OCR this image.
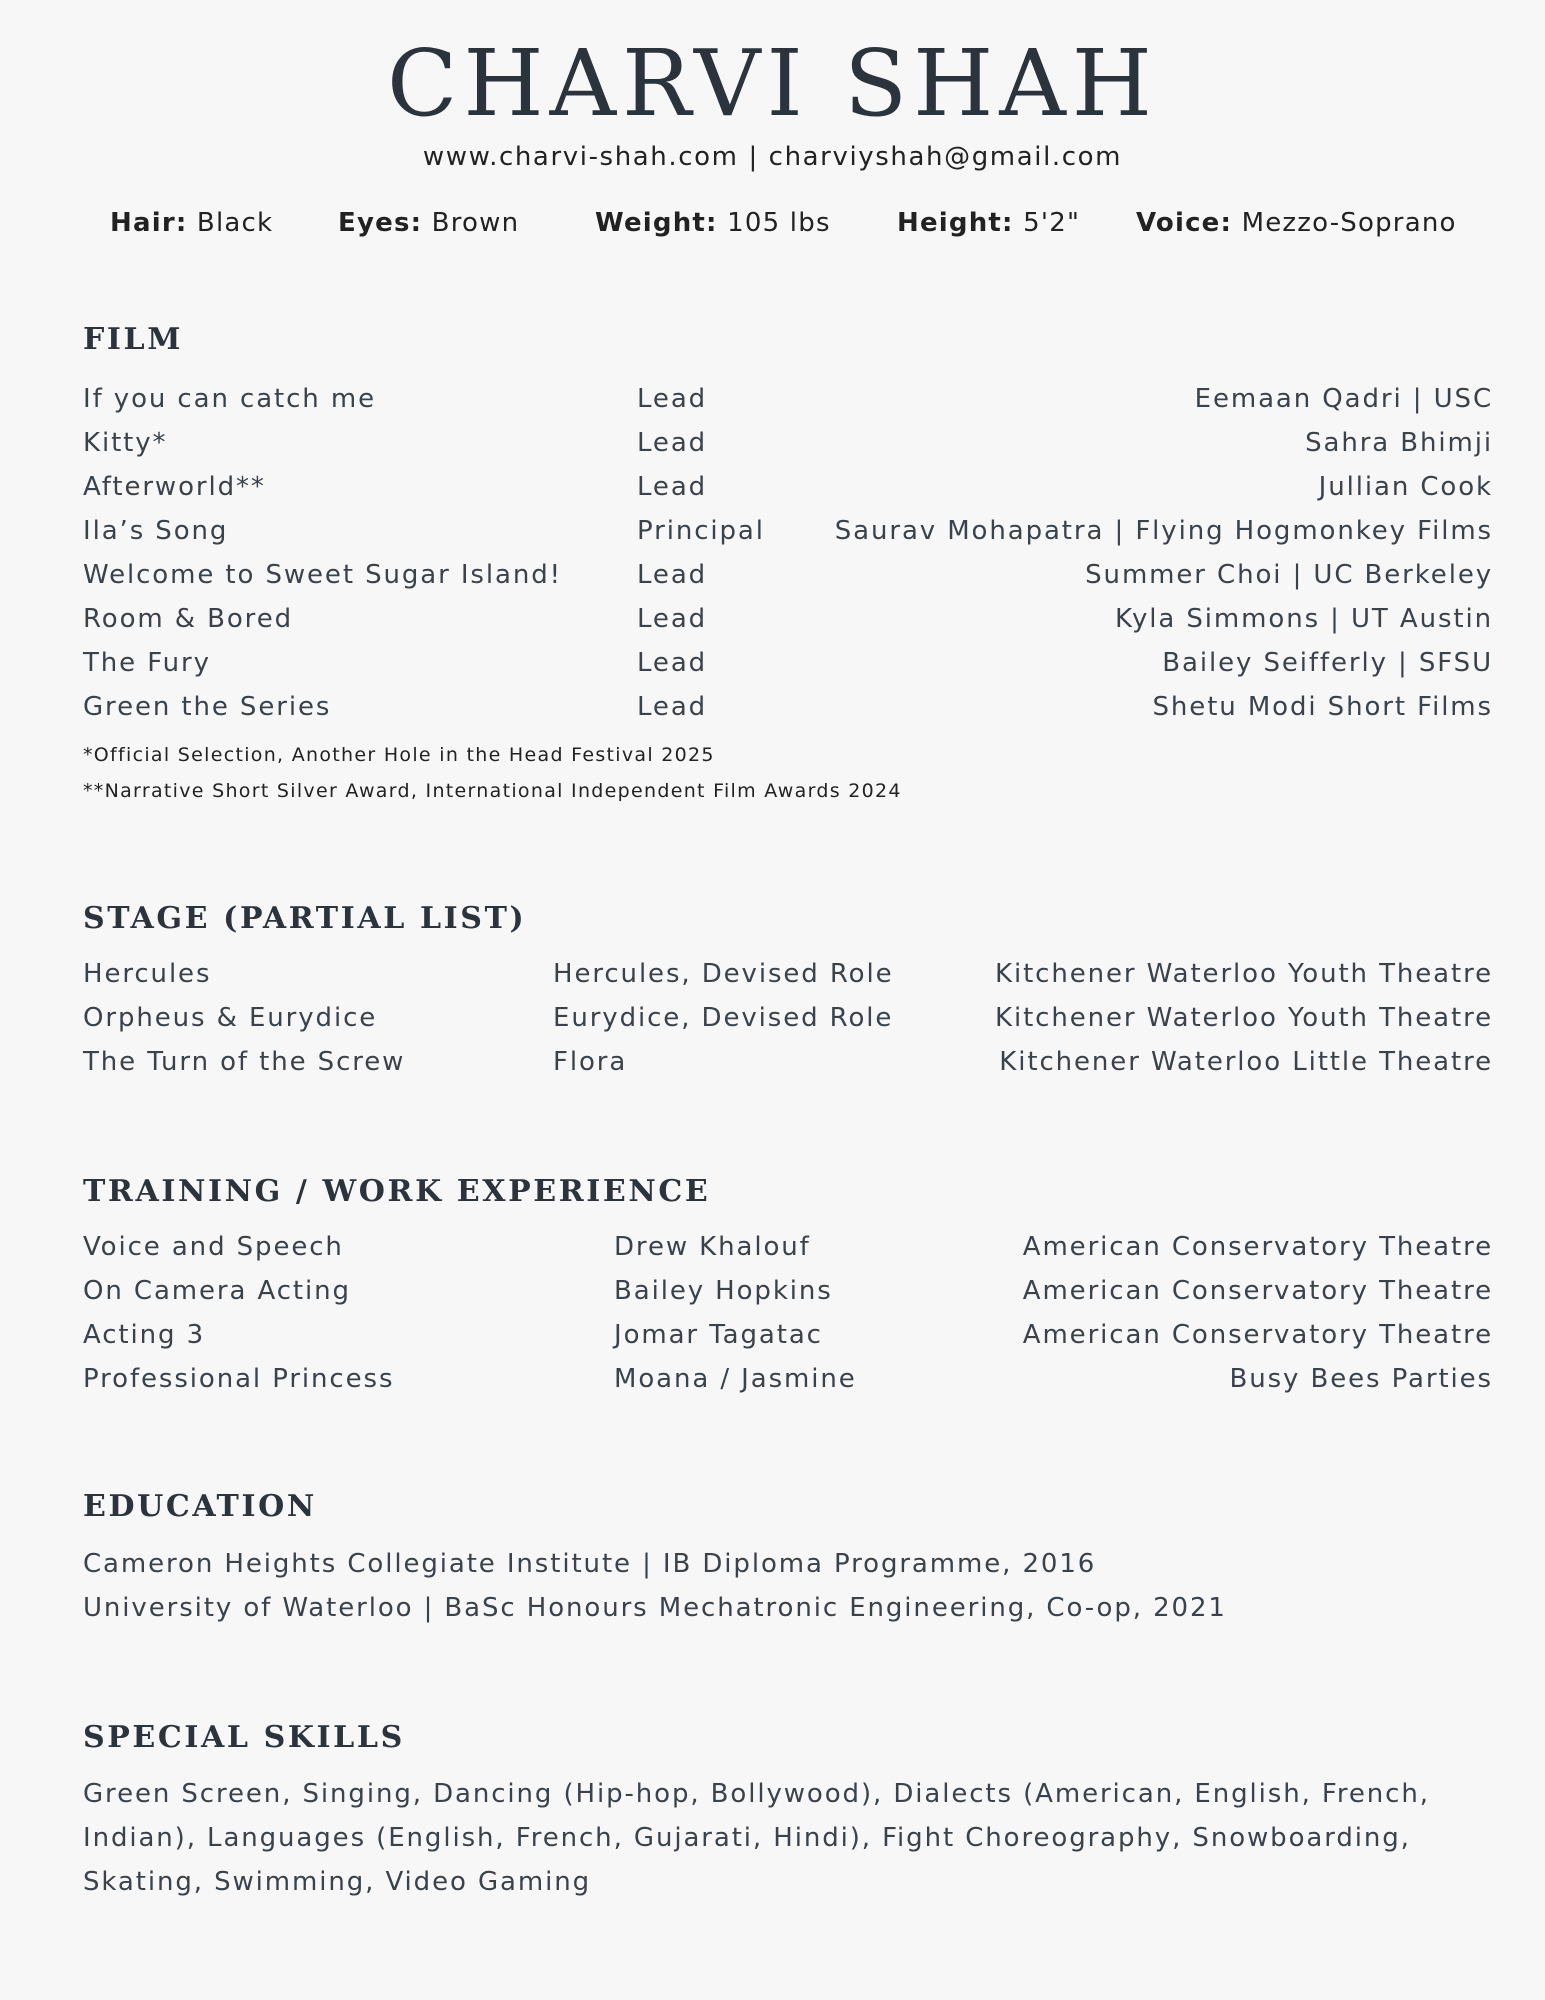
CHARVI SHAH
www.charvi-shah.com | charviyshah@gmail.com
Hair: Black Eyes: Brown	Weight: 105 lbs	Height: 5'2" Voice: Mezzo-Soprano
FILM
If you can catch me	Lead	Eemaan Qadri | USC
Kitty*	Lead	Sahra Bhimji
Afterworld**	Lead	Jullian Cook
Ila’s Song	Principal	Saurav Mohapatra | Flying Hogmonkey Films
Welcome to Sweet Sugar Island!	Lead	Summer Choi | UC Berkeley
Room & Bored	Lead	Kyla Simmons | UT Austin
The Fury	Lead	Bailey Seifferly | SFSU
Green the Series	Lead	Shetu Modi Short Films
*Official Selection, Another Hole in the Head Festival 2025
**Narrative Short Silver Award, International Independent Film Awards 2024
STAGE (PARTIAL LIST)
Hercules	Hercules, Devised Role	Kitchener Waterloo Youth Theatre
Orpheus & Eurydice	Eurydice, Devised Role	Kitchener Waterloo Youth Theatre
The Turn of the Screw	Flora	Kitchener Waterloo Little Theatre
TRAINING / WORK EXPERIENCE
Voice and Speech	Drew Khalouf	American Conservatory Theatre
On Camera Acting	Bailey Hopkins	American Conservatory Theatre
Acting 3	Jomar Tagatac	American Conservatory Theatre
Professional Princess	Moana / Jasmine	Busy Bees Parties
EDUCATION
Cameron Heights Collegiate Institute | IB Diploma Programme, 2016
University of Waterloo | BaSc Honours Mechatronic Engineering, Co-op, 2021
SPECIAL SKILLS
Green Screen, Singing, Dancing (Hip-hop, Bollywood), Dialects (American, English, French, Indian), Languages (English, French, Gujarati, Hindi), Fight Choreography, Snowboarding, Skating, Swimming, Video Gaming
